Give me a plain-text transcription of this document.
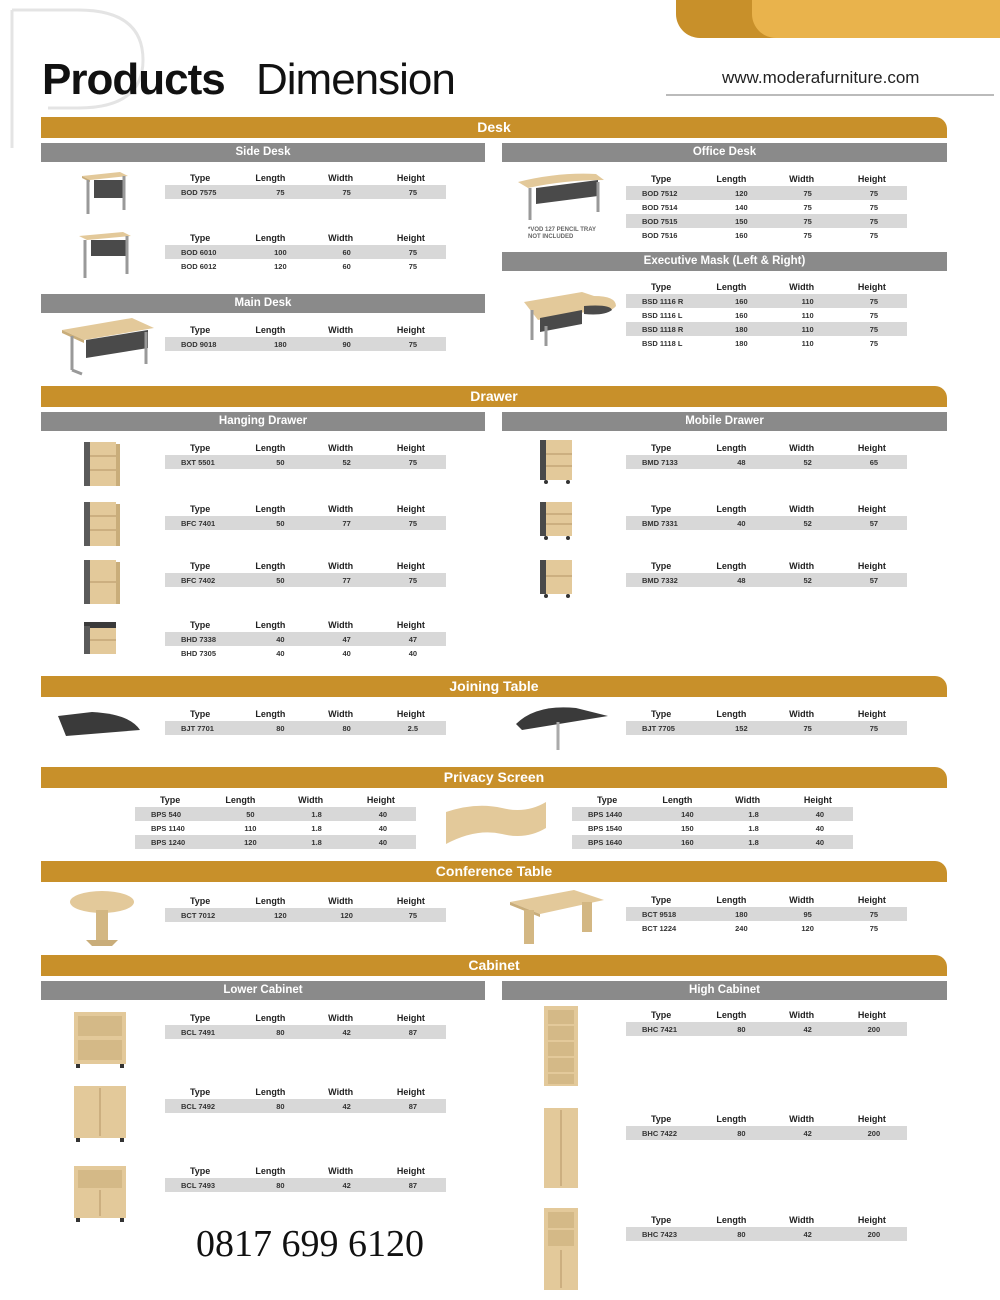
Products Dimension	www.moderafurniture.com
Desk
Side Desk	Office Desk
Type	Length	Width	Height
BOD 7575	75	75	75
Type	Length	Width	Height
BOD 6010	100	60	75
BOD 6012	120	60	75
Main Desk
Type	Length	Width	Height
BOD 9018	180	90	75
*VOD 127 PENCIL TRAY
NOT INCLUDED
Type	Length	Width	Height
BOD 7512	120	75	75
BOD 7514	140	75	75
BOD 7515	150	75	75
BOD 7516	160	75	75
Executive Mask (Left & Right)
Type	Length	Width	Height
BSD 1116 R	160	110	75
BSD 1116 L	160	110	75
BSD 1118 R	180	110	75
BSD 1118 L	180	110	75
Drawer
Hanging Drawer	Mobile Drawer
Type	Length	Width	Height
BXT 5501	50	52	75
Type	Length	Width	Height
BFC 7401	50	77	75
Type	Length	Width	Height
BFC 7402	50	77	75
Type	Length	Width	Height
BHD 7338	40	47	47
BHD 7305	40	40	40
Type	Length	Width	Height
BMD 7133	48	52	65
Type	Length	Width	Height
BMD 7331	40	52	57
Type	Length	Width	Height
BMD 7332	48	52	57
Joining Table
Type	Length	Width	Height
BJT 7701	80	80	2.5
Type	Length	Width	Height
BJT 7705	152	75	75
Privacy Screen
Type	Length	Width	Height
BPS 540	50	1.8	40
BPS 1140	110	1.8	40
BPS 1240	120	1.8	40
Type	Length	Width	Height
BPS 1440	140	1.8	40
BPS 1540	150	1.8	40
BPS 1640	160	1.8	40
Conference Table
Type	Length	Width	Height
BCT 7012	120	120	75
Type	Length	Width	Height
BCT 9518	180	95	75
BCT 1224	240	120	75
Cabinet
Lower Cabinet	High Cabinet
Type	Length	Width	Height
BCL 7491	80	42	87
Type	Length	Width	Height
BCL 7492	80	42	87
Type	Length	Width	Height
BCL 7493	80	42	87
Type	Length	Width	Height
BHC 7421	80	42	200
Type	Length	Width	Height
BHC 7422	80	42	200
Type	Length	Width	Height
BHC 7423	80	42	200
0817 699 6120
